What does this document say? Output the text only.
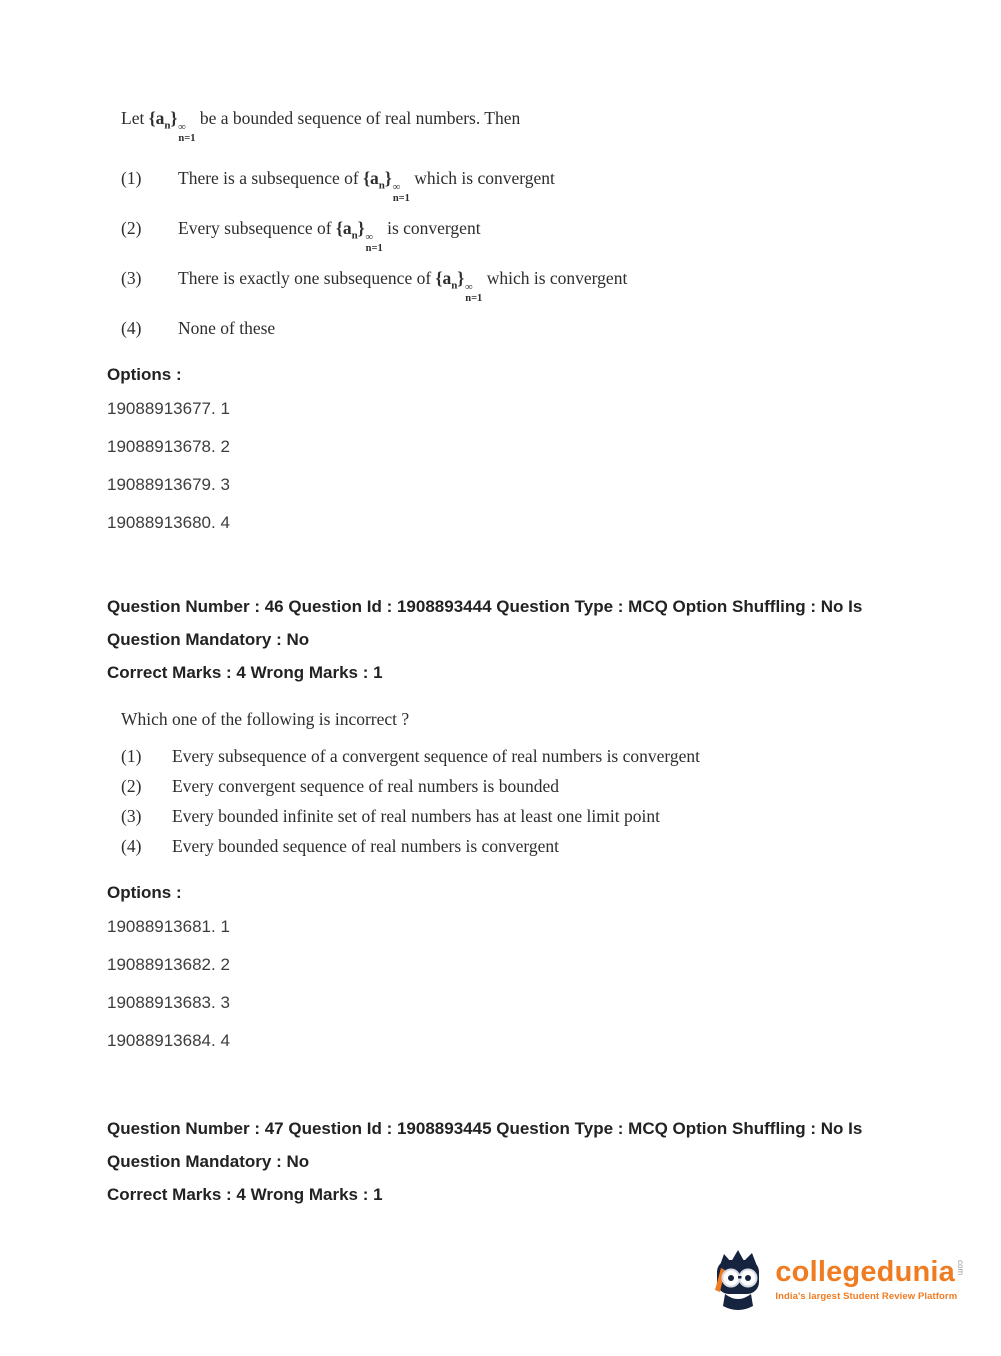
Let $\{a_n\}$ ∞
n=1
be a bounded sequence of real numbers. Then

(1)	There is a subsequence of $\{a_n\}$ ∞
n=1
which is convergent
(2)	Every subsequence of $\{a_n\}$ ∞
n=1
is convergent
(3)	There is exactly one subsequence of $\{a_n\}$ ∞
n=1
which is convergent
(4)	None of these

Options :

19088913677. 1

19088913678. 2

19088913679. 3

19088913680. 4

Question Number : 46 Question Id : 1908893444 Question Type : MCQ Option Shuffling : No Is

Question Mandatory : No

Correct Marks : 4 Wrong Marks : 1

Which one of the following is incorrect ?

(1)	Every subsequence of a convergent sequence of real numbers is convergent
(2)	Every convergent sequence of real numbers is bounded
(3)	Every bounded infinite set of real numbers has at least one limit point
(4)	Every bounded sequence of real numbers is convergent

Options :

19088913681. 1

19088913682. 2

19088913683. 3

19088913684. 4

Question Number : 47 Question Id : 1908893445 Question Type : MCQ Option Shuffling : No Is

Question Mandatory : No

Correct Marks : 4 Wrong Marks : 1

collegedunia com
India's largest Student Review Platform
